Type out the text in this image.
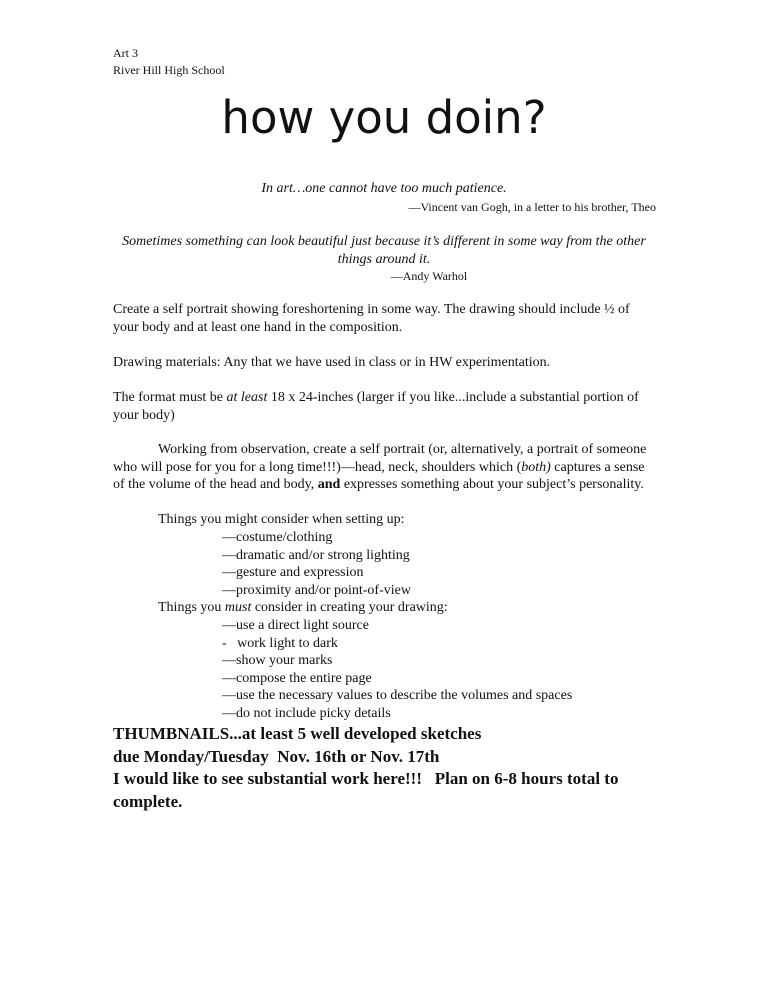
Art 3
River Hill High School
how you doin?
In art…one cannot have too much patience.
—Vincent van Gogh, in a letter to his brother, Theo
Sometimes something can look beautiful just because it’s different in some way from the other things around it.
—Andy Warhol
Create a self portrait showing foreshortening in some way. The drawing should include ½ of your body and at least one hand in the composition.
Drawing materials: Any that we have used in class or in HW experimentation.
The format must be at least 18 x 24-inches (larger if you like...include a substantial portion of your body)
Working from observation, create a self portrait (or, alternatively, a portrait of someone who will pose for you for a long time!!!)—head, neck, shoulders which (both) captures a sense of the volume of the head and body, and expresses something about your subject’s personality.
Things you might consider when setting up:
—costume/clothing
—dramatic and/or strong lighting
—gesture and expression
—proximity and/or point-of-view
Things you must consider in creating your drawing:
—use a direct light source
-   work light to dark
—show your marks
—compose the entire page
—use the necessary values to describe the volumes and spaces
—do not include picky details
THUMBNAILS...at least 5 well developed sketches
due Monday/Tuesday  Nov. 16th or Nov. 17th
I would like to see substantial work here!!!   Plan on 6-8 hours total to complete.
